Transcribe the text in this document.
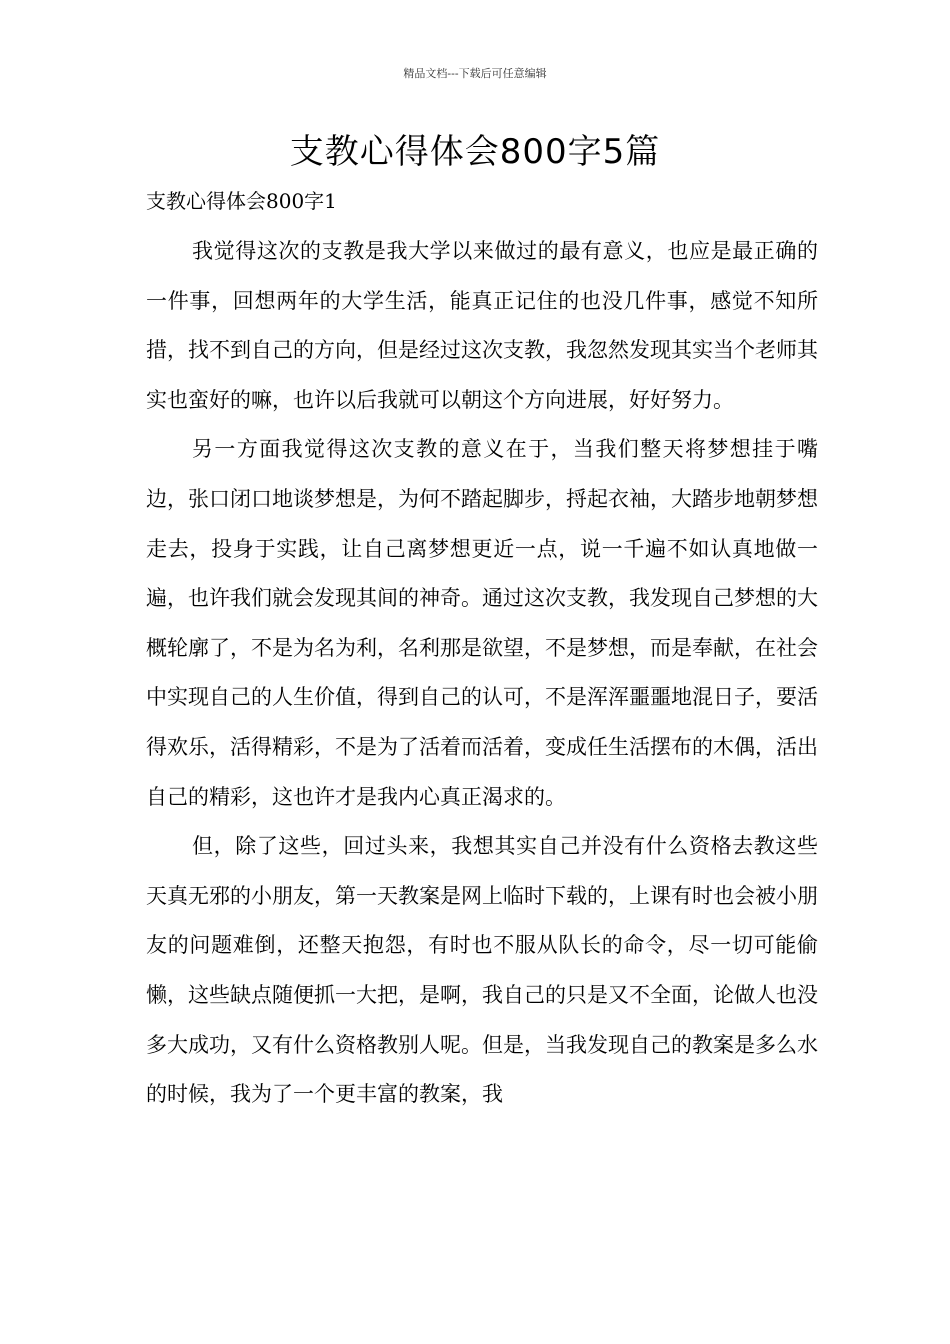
精品文档---下载后可任意编辑
支教心得体会800字5篇
支教心得体会800字1

我觉得这次的支教是我大学以来做过的最有意义，也应是最正确的一件事，回想两年的大学生活，能真正记住的也没几件事，感觉不知所措，找不到自己的方向，但是经过这次支教，我忽然发现其实当个老师其实也蛮好的嘛，也许以后我就可以朝这个方向进展，好好努力。

另一方面我觉得这次支教的意义在于，当我们整天将梦想挂于嘴边，张口闭口地谈梦想是，为何不踏起脚步，捋起衣袖，大踏步地朝梦想走去，投身于实践，让自己离梦想更近一点，说一千遍不如认真地做一遍，也许我们就会发现其间的神奇。通过这次支教，我发现自己梦想的大概轮廓了，不是为名为利，名利那是欲望，不是梦想，而是奉献，在社会中实现自己的人生价值，得到自己的认可，不是浑浑噩噩地混日子，要活得欢乐，活得精彩，不是为了活着而活着，变成任生活摆布的木偶，活出自己的精彩，这也许才是我内心真正渴求的。

但，除了这些，回过头来，我想其实自己并没有什么资格去教这些天真无邪的小朋友，第一天教案是网上临时下载的，上课有时也会被小朋友的问题难倒，还整天抱怨，有时也不服从队长的命令，尽一切可能偷懒，这些缺点随便抓一大把，是啊，我自己的只是又不全面，论做人也没多大成功，又有什么资格教别人呢。但是，当我发现自己的教案是多么水的时候，我为了一个更丰富的教案，我
